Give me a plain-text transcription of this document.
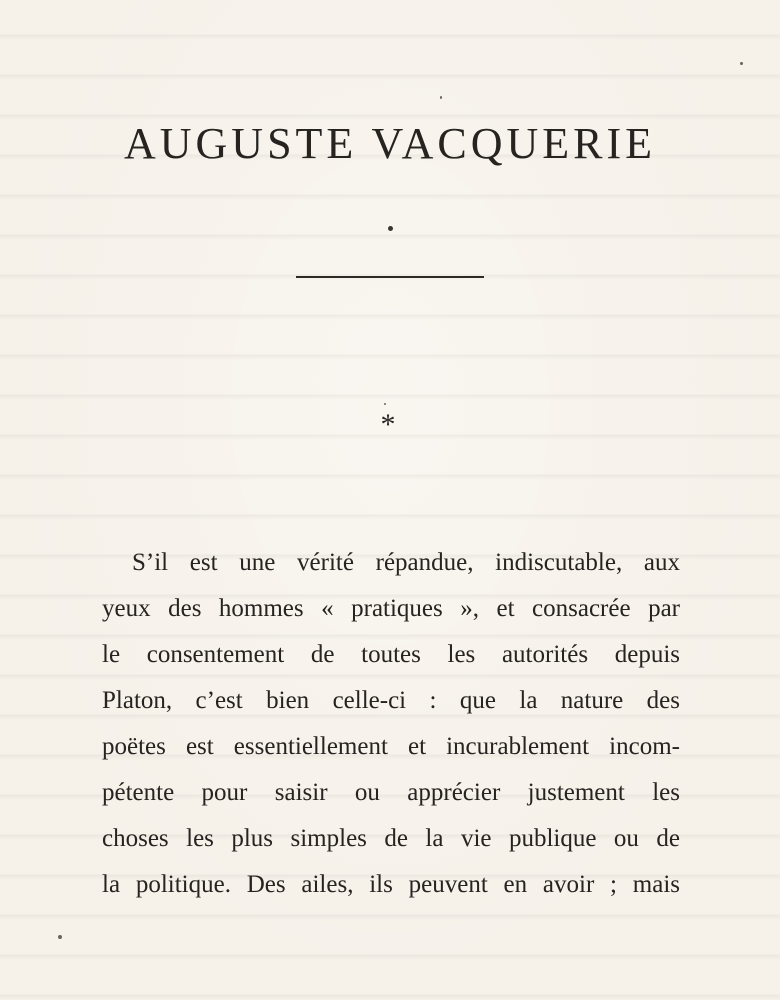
AUGUSTE VACQUERIE
*
S’il est une vérité répandue, indiscutable, aux
yeux des hommes « pratiques », et consacrée par
le consentement de toutes les autorités depuis
Platon, c’est bien celle-ci : que la nature des
poëtes est essentiellement et incurablement incom-
pétente pour saisir ou apprécier justement les
choses les plus simples de la vie publique ou de
la politique. Des ailes, ils peuvent en avoir ; mais
